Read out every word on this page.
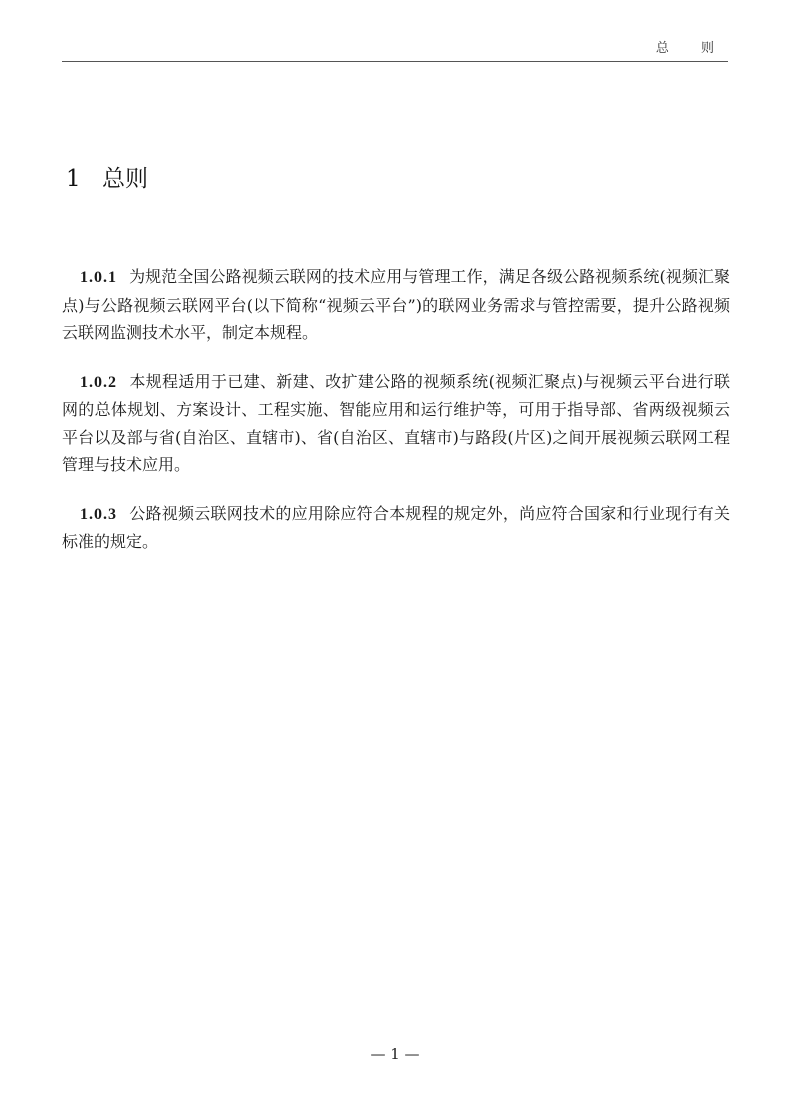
总 则
1 总则

1.0.1 为规范全国公路视频云联网的技术应用与管理工作，满足各级公路视频系统(视频汇聚点)与公路视频云联网平台(以下简称“视频云平台”)的联网业务需求与管控需要，提升公路视频云联网监测技术水平，制定本规程。

1.0.2 本规程适用于已建、新建、改扩建公路的视频系统(视频汇聚点)与视频云平台进行联网的总体规划、方案设计、工程实施、智能应用和运行维护等，可用于指导部、省两级视频云平台以及部与省(自治区、直辖市)、省(自治区、直辖市)与路段(片区)之间开展视频云联网工程管理与技术应用。

1.0.3 公路视频云联网技术的应用除应符合本规程的规定外，尚应符合国家和行业现行有关标准的规定。

— 1 —
